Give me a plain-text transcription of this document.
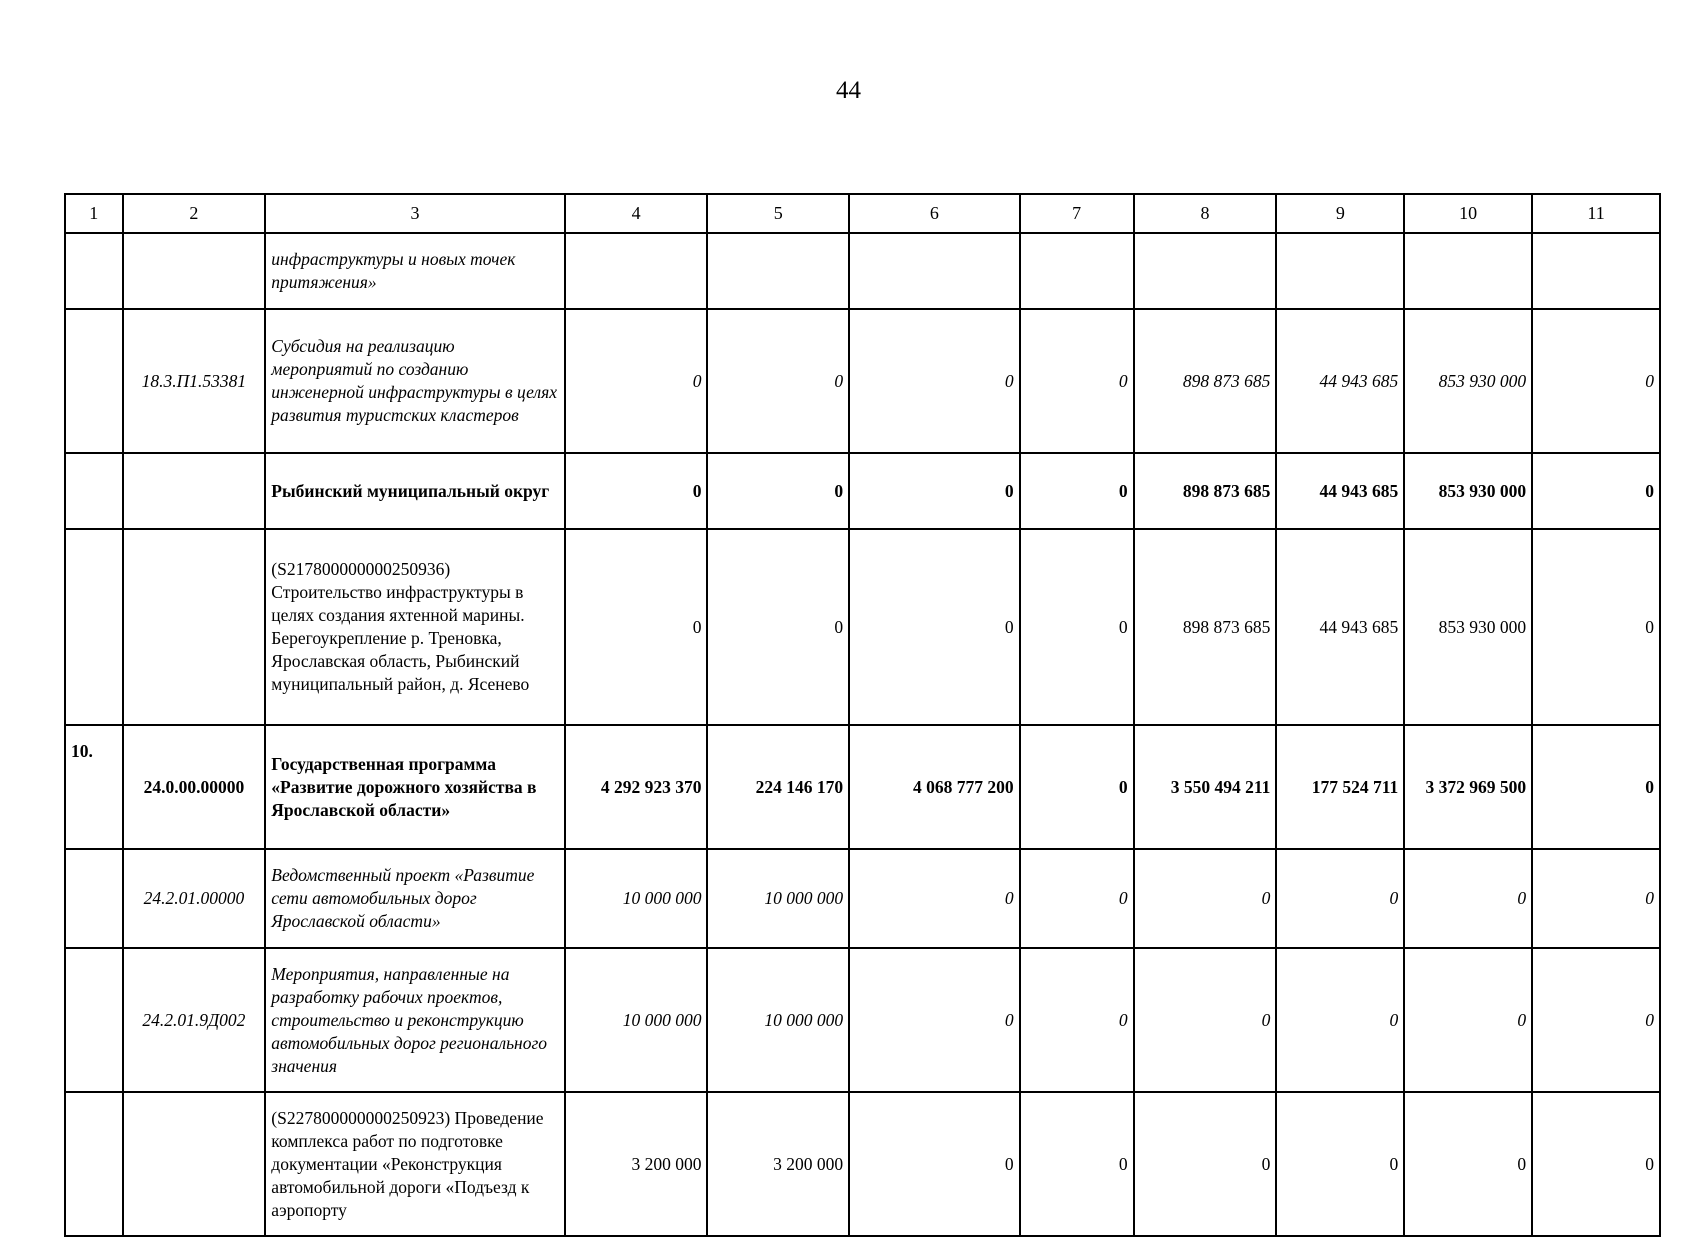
44
1	2	3	4	5	6	7	8	9	10	11
		инфраструктуры и новых точек притяжения»								
	18.3.П1.53381	Субсидия на реализацию мероприятий по созданию инженерной инфраструктуры в целях развития туристских кластеров	0	0	0	0	898 873 685	44 943 685	853 930 000	0
		Рыбинский муниципальный округ	0	0	0	0	898 873 685	44 943 685	853 930 000	0
		(S217800000000250936) Строительство инфраструктуры в целях создания яхтенной марины. Берегоукрепление р. Треновка, Ярославская область, Рыбинский муниципальный район, д. Ясенево	0	0	0	0	898 873 685	44 943 685	853 930 000	0
10.	24.0.00.00000	Государственная программа «Развитие дорожного хозяйства в Ярославской области»	4 292 923 370	224 146 170	4 068 777 200	0	3 550 494 211	177 524 711	3 372 969 500	0
	24.2.01.00000	Ведомственный проект «Развитие сети автомобильных дорог Ярославской области»	10 000 000	10 000 000	0	0	0	0	0	0
	24.2.01.9Д002	Мероприятия, направленные на разработку рабочих проектов, строительство и реконструкцию автомобильных дорог регионального значения	10 000 000	10 000 000	0	0	0	0	0	0
		(S227800000000250923) Проведение комплекса работ по подготовке документации «Реконструкция автомобильной дороги «Подъезд к аэропорту	3 200 000	3 200 000	0	0	0	0	0	0
